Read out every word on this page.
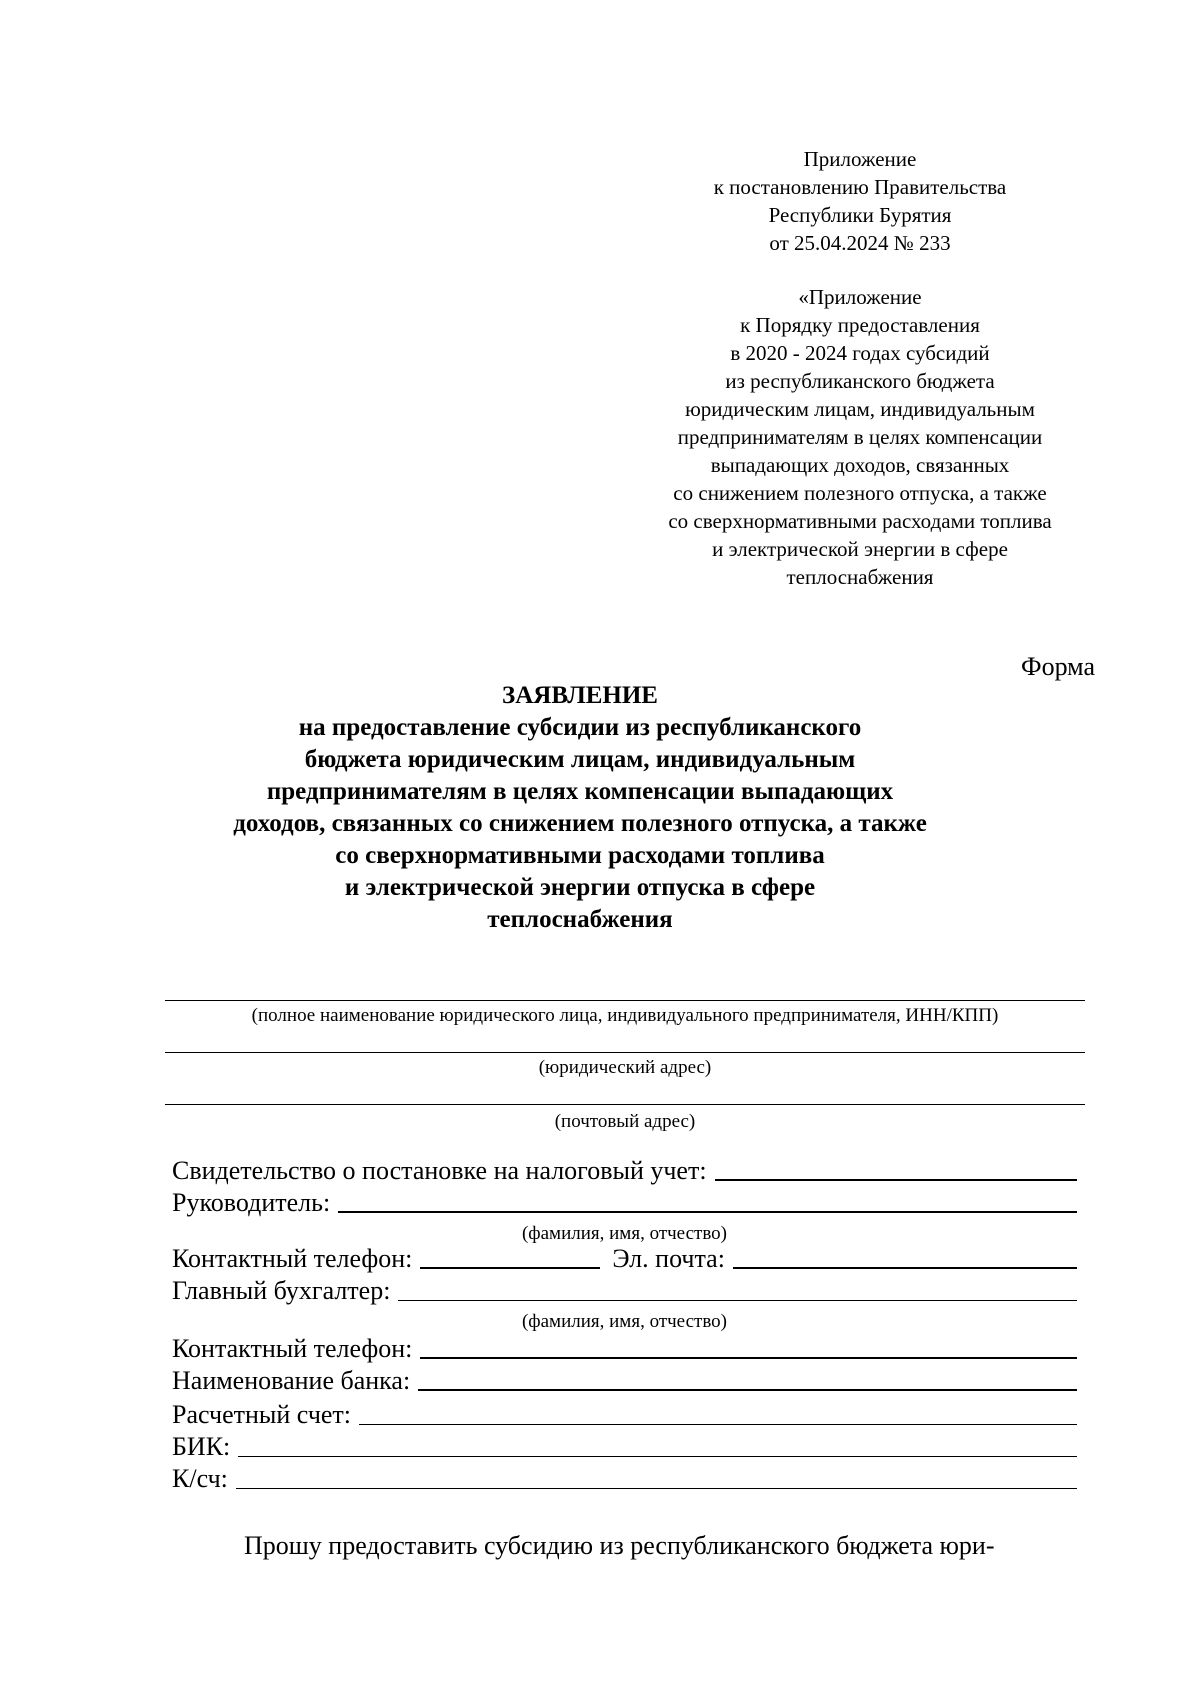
Приложение
к постановлению Правительства
Республики Бурятия
от 25.04.2024 № 233
«Приложение
к Порядку предоставления
в 2020 - 2024 годах субсидий
из республиканского бюджета
юридическим лицам, индивидуальным
предпринимателям в целях компенсации
выпадающих доходов, связанных
со снижением полезного отпуска, а также
со сверхнормативными расходами топлива
и электрической энергии в сфере
теплоснабжения
Форма
ЗАЯВЛЕНИЕ
на предоставление субсидии из республиканского
бюджета юридическим лицам, индивидуальным
предпринимателям в целях компенсации выпадающих
доходов, связанных со снижением полезного отпуска, а также
со сверхнормативными расходами топлива
и электрической энергии отпуска в сфере
теплоснабжения
(полное наименование юридического лица, индивидуального предпринимателя, ИНН/КПП)
(юридический адрес)
(почтовый адрес)
Свидетельство о постановке на налоговый учет:
Руководитель:
(фамилия, имя, отчество)
Контактный телефон:	Эл. почта:
Главный бухгалтер:
(фамилия, имя, отчество)
Контактный телефон:
Наименование банка:
Расчетный счет:
БИК:
К/сч:
Прошу предоставить субсидию из республиканского бюджета юри-
